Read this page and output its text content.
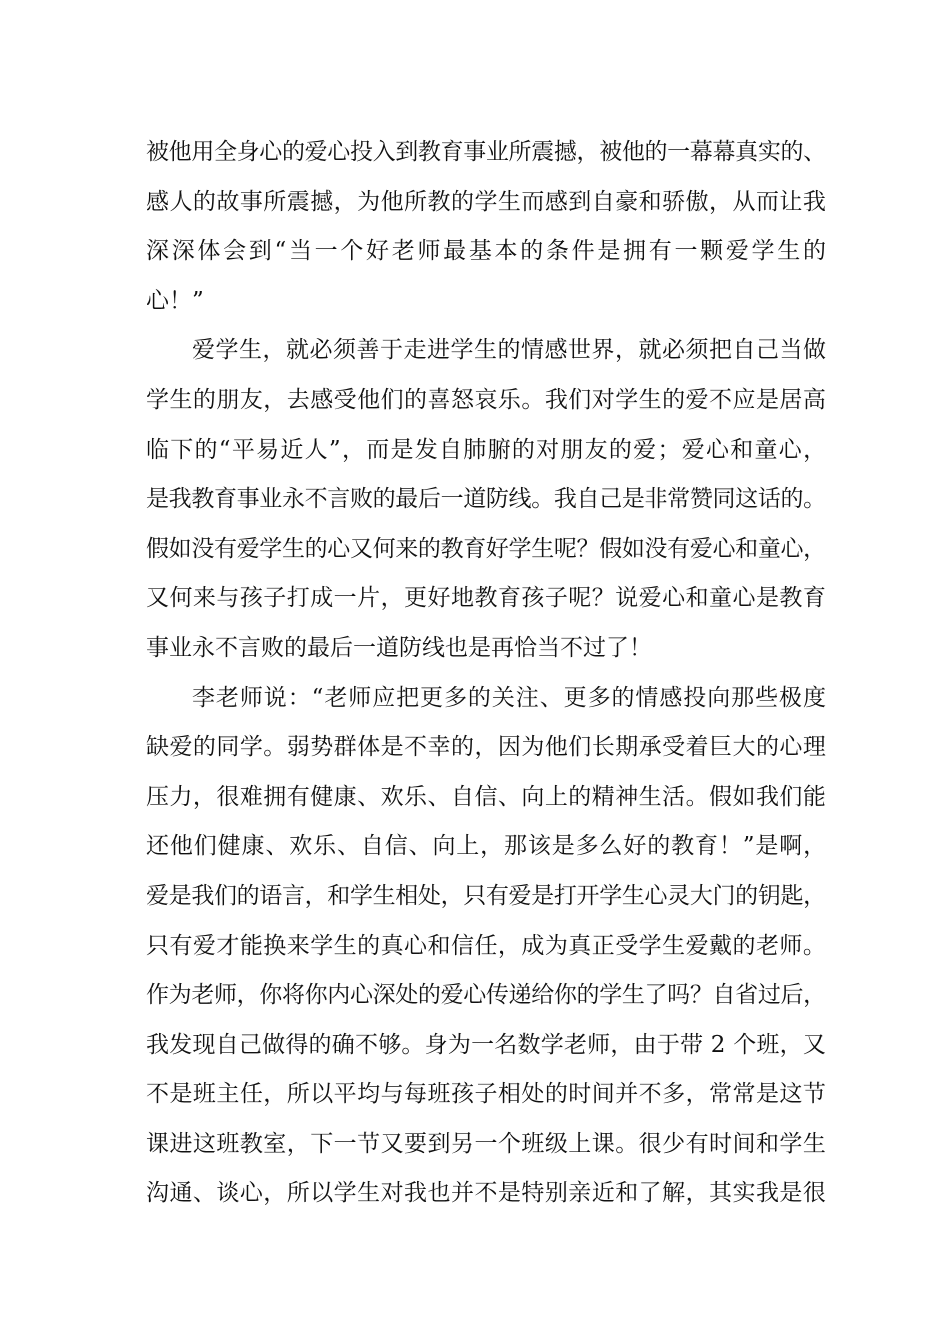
被他用全身心的爱心投入到教育事业所震撼，被他的一幕幕真实的、
感人的故事所震撼，为他所教的学生而感到自豪和骄傲，从而让我
深深体会到“当一个好老师最基本的条件是拥有一颗爱学生的
心！”
爱学生，就必须善于走进学生的情感世界，就必须把自己当做
学生的朋友，去感受他们的喜怒哀乐。我们对学生的爱不应是居高
临下的“平易近人”，而是发自肺腑的对朋友的爱；爱心和童心，
是我教育事业永不言败的最后一道防线。我自己是非常赞同这话的。
假如没有爱学生的心又何来的教育好学生呢？假如没有爱心和童心，
又何来与孩子打成一片，更好地教育孩子呢？说爱心和童心是教育
事业永不言败的最后一道防线也是再恰当不过了！
李老师说：“老师应把更多的关注、更多的情感投向那些极度
缺爱的同学。弱势群体是不幸的，因为他们长期承受着巨大的心理
压力，很难拥有健康、欢乐、自信、向上的精神生活。假如我们能
还他们健康、欢乐、自信、向上，那该是多么好的教育！”是啊，
爱是我们的语言，和学生相处，只有爱是打开学生心灵大门的钥匙，
只有爱才能换来学生的真心和信任，成为真正受学生爱戴的老师。
作为老师，你将你内心深处的爱心传递给你的学生了吗？自省过后，
我发现自己做得的确不够。身为一名数学老师，由于带 2 个班，又
不是班主任，所以平均与每班孩子相处的时间并不多，常常是这节
课进这班教室，下一节又要到另一个班级上课。很少有时间和学生
沟通、谈心，所以学生对我也并不是特别亲近和了解，其实我是很
